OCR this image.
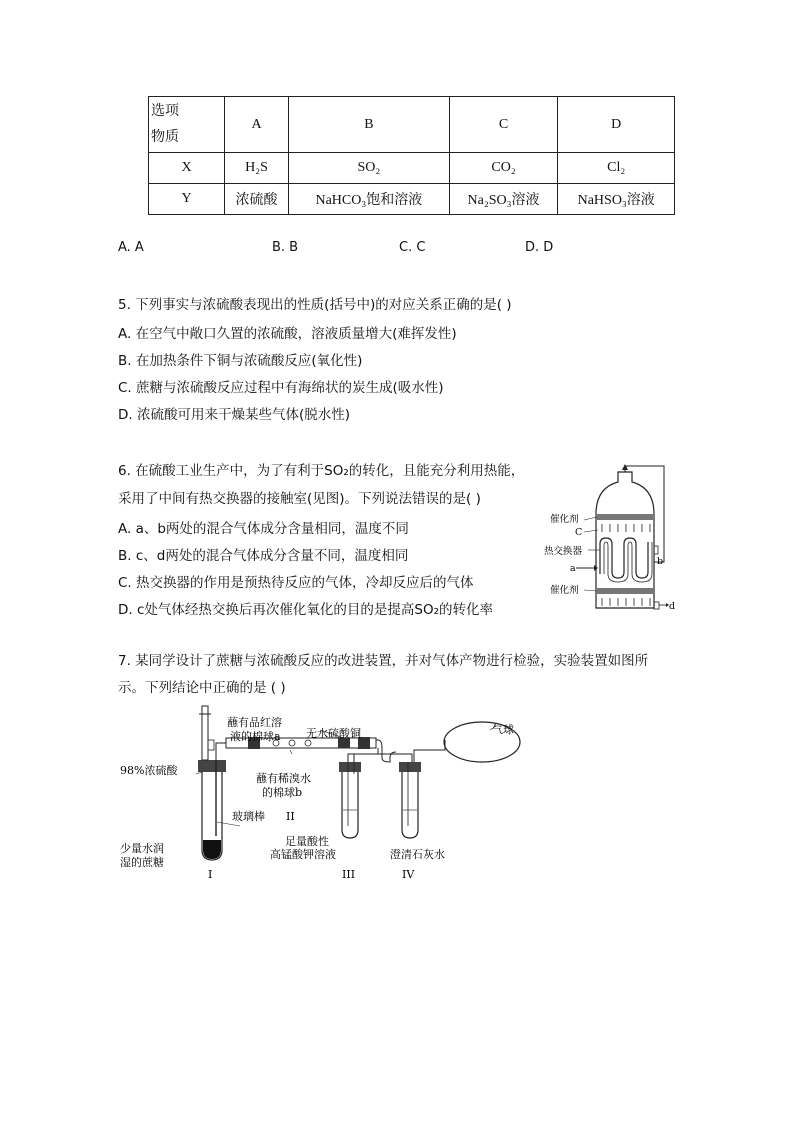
选项
物质	A	B	C	D
X	H₂S	SO₂	CO₂	Cl₂
Y	浓硫酸	NaHCO₃饱和溶液	Na₂SO₃溶液	NaHSO₃溶液
A. A	B. B	C. C	D. D
5. 下列事实与浓硫酸表现出的性质(括号中)的对应关系正确的是( )
A. 在空气中敞口久置的浓硫酸，溶液质量增大(难挥发性)
B. 在加热条件下铜与浓硫酸反应(氧化性)
C. 蔗糖与浓硫酸反应过程中有海绵状的炭生成(吸水性)
D. 浓硫酸可用来干燥某些气体(脱水性)
6. 在硫酸工业生产中，为了有利于SO₂的转化，且能充分利用热能，
采用了中间有热交换器的接触室(见图)。下列说法错误的是( )
A. a、b两处的混合气体成分含量相同，温度不同
B. c、d两处的混合气体成分含量不同，温度相同
C. 热交换器的作用是预热待反应的气体，冷却反应后的气体
D. c处气体经热交换后再次催化氧化的目的是提高SO₂的转化率
催化剂
C
热交换器
a
催化剂
b
d
7. 某同学设计了蔗糖与浓硫酸反应的改进装置，并对气体产物进行检验，实验装置如图所
示。下列结论中正确的是 ( )
蘸有品红溶
液的棉球a 无水硫酸铜	气球
98%浓硫酸
蘸有稀溴水
的棉球b
玻璃棒 II
足量酸性
高锰酸钾溶液	澄清石灰水
少量水润
湿的蔗糖
I	III	IV
